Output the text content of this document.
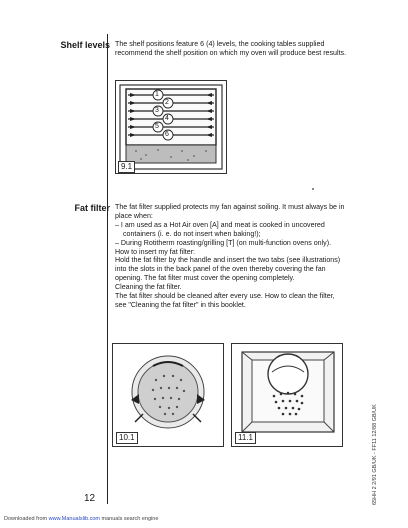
Shelf levels The shelf positions feature 6 (4) levels, the cooking tables supplied recommend the shelf position on which my oven will produce best results.

1
2
3
4
5
6
9.1
Fat filter The fat filter supplied protects my fan against soiling. It must always be in place when:

– I am used as a Hot Air oven [A] and meat is cooked in uncovered containers (i. e. do not insert when baking!);

– During Rotitherm roasting/grilling [T] (on multi-function ovens only).

How to insert my fat filter:

Hold the fat filter by the handle and insert the two tabs (see illustrations) into the slots in the back panel of the oven thereby covering the fan opening. The fat filter must cover the opening completely.

Cleaning the fat filter.

The fat filter should be cleaned after every use. How to clean the filter, see "Cleaning the fat filter" in this booklet.

10.1	11.1
12	65HH 2 2/91 GB/UK - FF11 12/88 GB/UK
Downloaded from www.Manualslib.com manuals search engine
